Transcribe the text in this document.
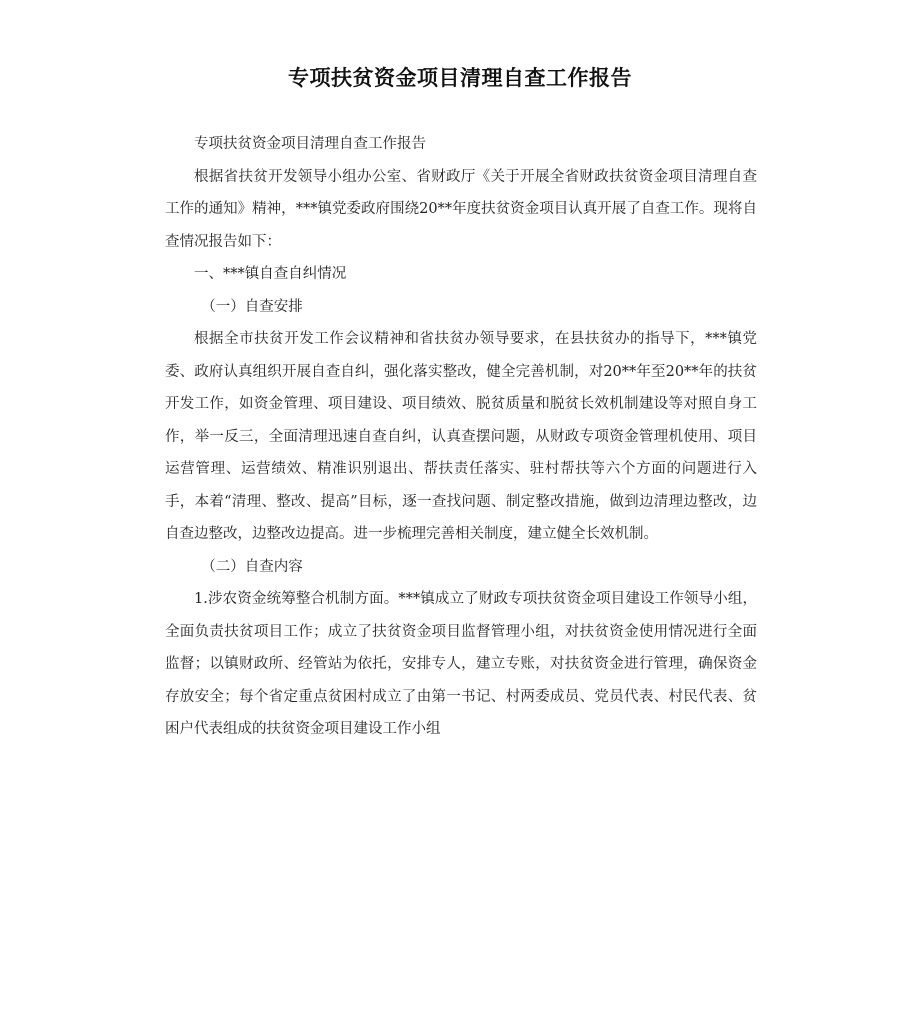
专项扶贫资金项目清理自查工作报告

专项扶贫资金项目清理自查工作报告

根据省扶贫开发领导小组办公室、省财政厅《关于开展全省财政扶贫资金项目清理自查工作的通知》精神，***镇党委政府围绕20**年度扶贫资金项目认真开展了自查工作。现将自查情况报告如下：

一、***镇自查自纠情况

（一）自查安排

根据全市扶贫开发工作会议精神和省扶贫办领导要求，在县扶贫办的指导下，***镇党委、政府认真组织开展自查自纠，强化落实整改，健全完善机制，对20**年至20**年的扶贫开发工作，如资金管理、项目建设、项目绩效、脱贫质量和脱贫长效机制建设等对照自身工作，举一反三，全面清理迅速自查自纠，认真查摆问题，从财政专项资金管理机使用、项目运营管理、运营绩效、精准识别退出、帮扶责任落实、驻村帮扶等六个方面的问题进行入手，本着“清理、整改、提高”目标，逐一查找问题、制定整改措施，做到边清理边整改，边自查边整改，边整改边提高。进一步梳理完善相关制度，建立健全长效机制。

（二）自查内容

1.涉农资金统筹整合机制方面。***镇成立了财政专项扶贫资金项目建设工作领导小组，全面负责扶贫项目工作；成立了扶贫资金项目监督管理小组，对扶贫资金使用情况进行全面监督；以镇财政所、经管站为依托，安排专人，建立专账，对扶贫资金进行管理，确保资金存放安全；每个省定重点贫困村成立了由第一书记、村两委成员、党员代表、村民代表、贫困户代表组成的扶贫资金项目建设工作小组
